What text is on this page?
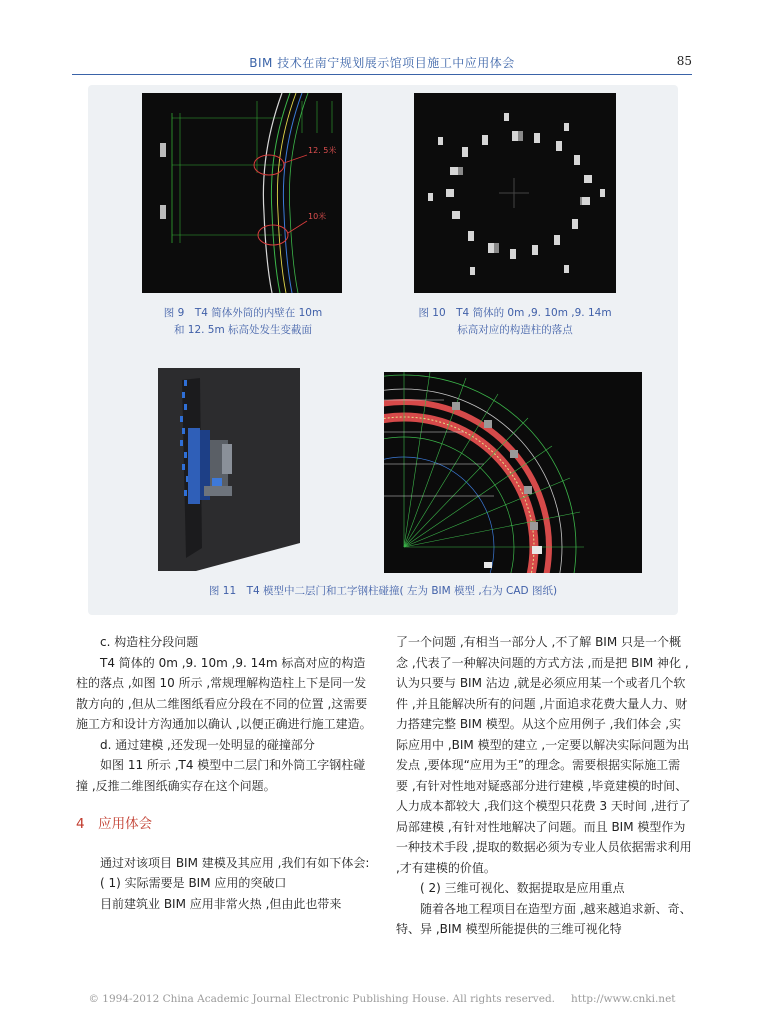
BIM 技术在南宁规划展示馆项目施工中应用体会	85
12. 5米
10米
图 9　T4 简体外筒的内壁在 10m
和 12. 5m 标高处发生变截面
图 10　T4 简体的 0m ,9. 10m ,9. 14m
标高对应的构造柱的落点
图 11　T4 模型中二层门和工字钢柱碰撞( 左为 BIM 模型 ,右为 CAD 图纸)

c. 构造柱分段问题

T4 简体的 0m ,9. 10m ,9. 14m 标高对应的构造柱的落点 ,如图 10 所示 ,常规理解构造柱上下是同一发散方向的 ,但从二维图纸看应分段在不同的位置 ,这需要施工方和设计方沟通加以确认 ,以便正确进行施工建造。

d. 通过建模 ,还发现一处明显的碰撞部分

如图 11 所示 ,T4 模型中二层门和外筒工字钢柱碰撞 ,反推二维图纸确实存在这个问题。

4　应用体会

通过对该项目 BIM 建模及其应用 ,我们有如下体会:

( 1) 实际需要是 BIM 应用的突破口

目前建筑业 BIM 应用非常火热 ,但由此也带来

了一个问题 ,有相当一部分人 ,不了解 BIM 只是一个概念 ,代表了一种解决问题的方式方法 ,而是把 BIM 神化 ,认为只要与 BIM 沾边 ,就是必须应用某一个或者几个软件 ,并且能解决所有的问题 ,片面追求花费大量人力、财力搭建完整 BIM 模型。从这个应用例子 ,我们体会 ,实际应用中 ,BIM 模型的建立 ,一定要以解决实际问题为出发点 ,要体现“应用为王”的理念。需要根据实际施工需要 ,有针对性地对疑惑部分进行建模 ,毕竟建模的时间、人力成本都较大 ,我们这个模型只花费 3 天时间 ,进行了局部建模 ,有针对性地解决了问题。而且 BIM 模型作为一种技术手段 ,提取的数据必须为专业人员依据需求利用 ,才有建模的价值。

( 2) 三维可视化、数据提取是应用重点

随着各地工程项目在造型方面 ,越来越追求新、奇、特、异 ,BIM 模型所能提供的三维可视化特

© 1994-2012 China Academic Journal Electronic Publishing House. All rights reserved. http://www.cnki.net
